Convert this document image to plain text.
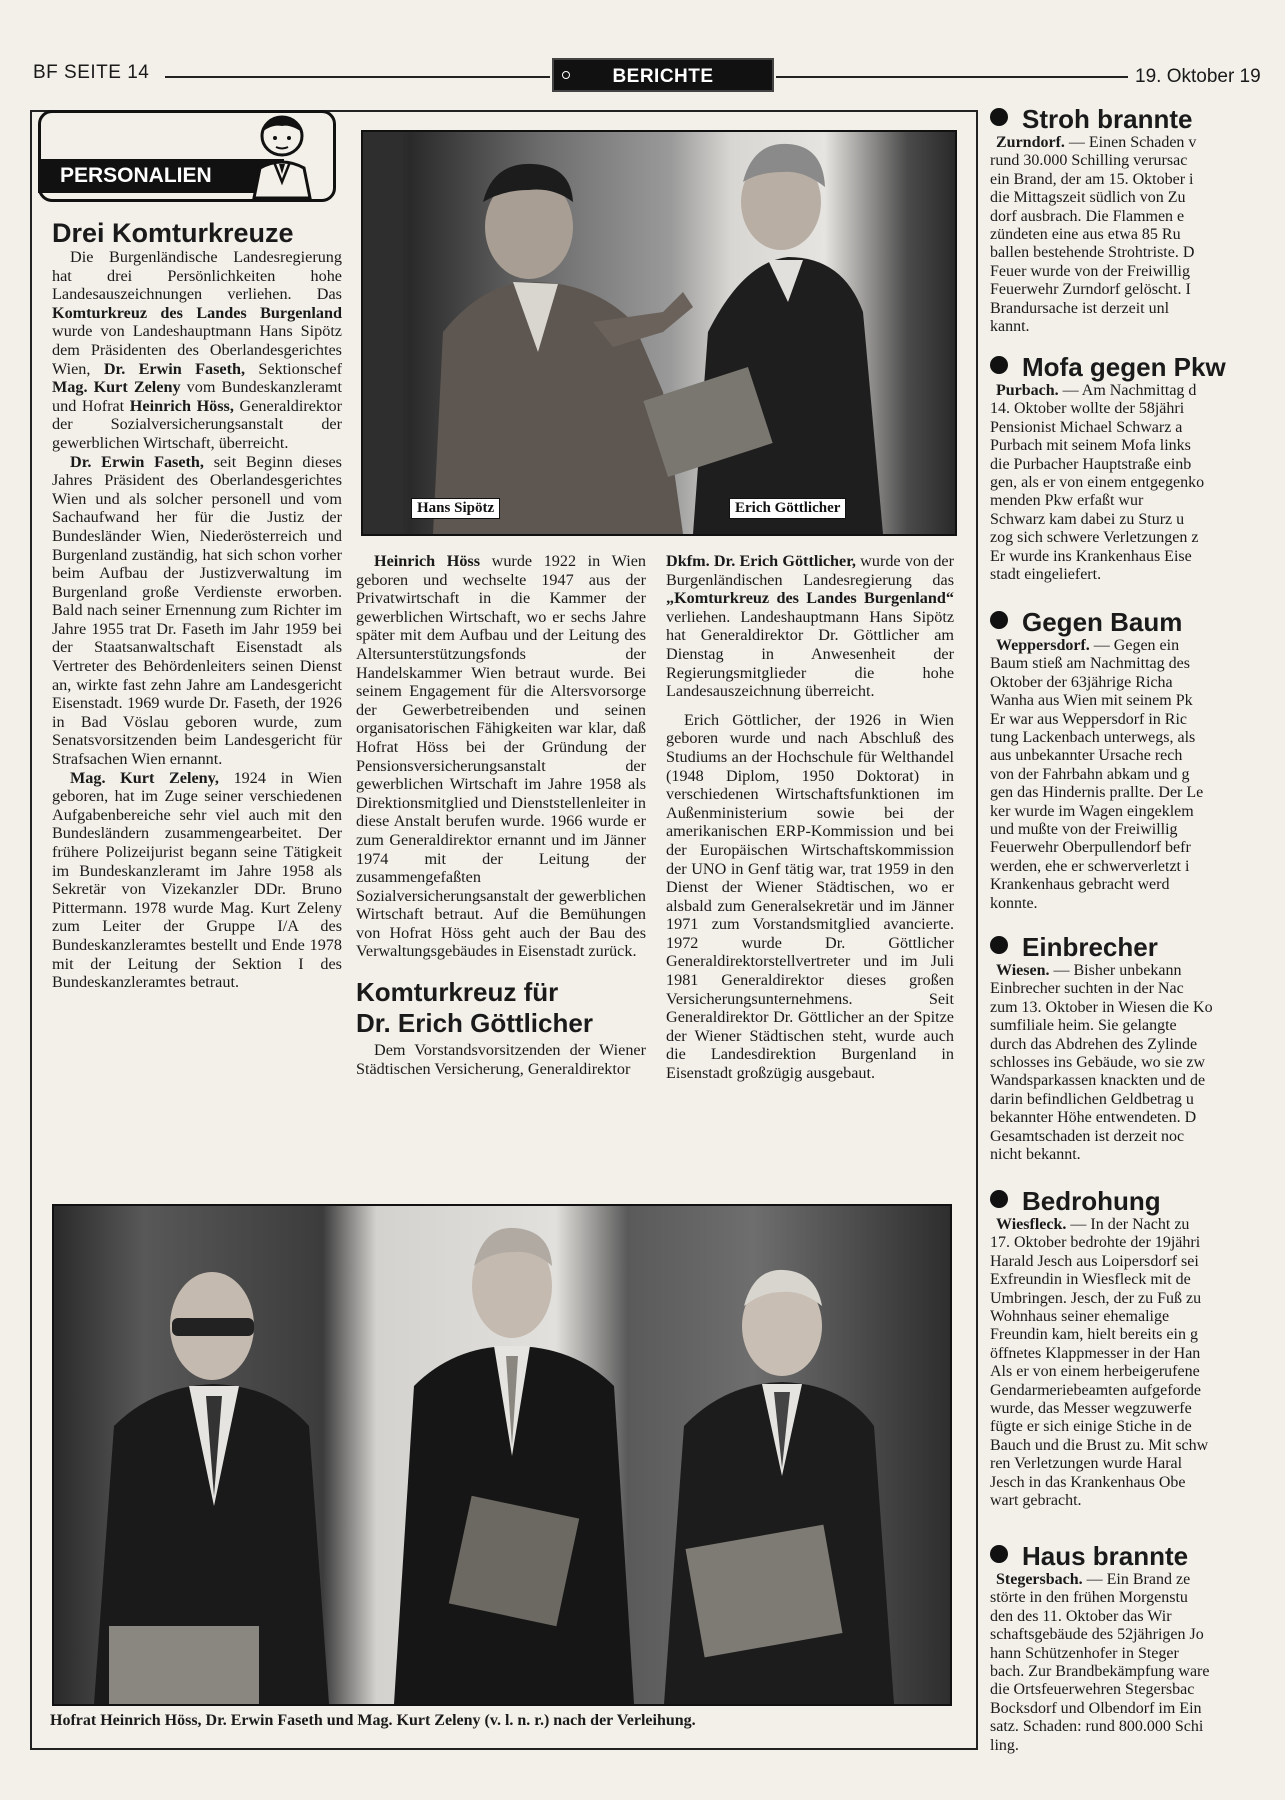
BF SEITE 14	BERICHTE	19. Oktober 19
PERSONALIEN
Drei Komturkreuze

Die Burgenländische Landesregierung hat drei Persönlichkeiten hohe Landesauszeichnungen verliehen. Das Komturkreuz des Landes Burgenland wurde von Landeshauptmann Hans Sipötz dem Präsidenten des Oberlandesgerichtes Wien, Dr. Erwin Faseth, Sektionschef Mag. Kurt Zeleny vom Bundeskanzleramt und Hofrat Heinrich Höss, Generaldirektor der Sozialversicherungsanstalt der gewerblichen Wirtschaft, überreicht.

Dr. Erwin Faseth, seit Beginn dieses Jahres Präsident des Oberlandesgerichtes Wien und als solcher personell und vom Sachaufwand her für die Justiz der Bundesländer Wien, Niederösterreich und Burgenland zuständig, hat sich schon vorher beim Aufbau der Justizverwaltung im Burgenland große Verdienste erworben. Bald nach seiner Ernennung zum Richter im Jahre 1955 trat Dr. Faseth im Jahr 1959 bei der Staatsanwaltschaft Eisenstadt als Vertreter des Behördenleiters seinen Dienst an, wirkte fast zehn Jahre am Landesgericht Eisenstadt. 1969 wurde Dr. Faseth, der 1926 in Bad Vöslau geboren wurde, zum Senatsvorsitzenden beim Landesgericht für Strafsachen Wien ernannt.

Mag. Kurt Zeleny, 1924 in Wien geboren, hat im Zuge seiner verschiedenen Aufgabenbereiche sehr viel auch mit den Bundesländern zusammengearbeitet. Der frühere Polizeijurist begann seine Tätigkeit im Bundeskanzleramt im Jahre 1958 als Sekretär von Vizekanzler DDr. Bruno Pittermann. 1978 wurde Mag. Kurt Zeleny zum Leiter der Gruppe I/A des Bundeskanzleramtes bestellt und Ende 1978 mit der Leitung der Sektion I des Bundeskanzleramtes betraut.

Hans Sipötz	Erich Göttlicher

Heinrich Höss wurde 1922 in Wien geboren und wechselte 1947 aus der Privatwirtschaft in die Kammer der gewerblichen Wirtschaft, wo er sechs Jahre später mit dem Aufbau und der Leitung des Altersunterstützungsfonds der Handelskammer Wien betraut wurde. Bei seinem Engagement für die Altersvorsorge der Gewerbetreibenden und seinen organisatorischen Fähigkeiten war klar, daß Hofrat Höss bei der Gründung der Pensionsversicherungsanstalt der gewerblichen Wirtschaft im Jahre 1958 als Direktionsmitglied und Dienststellenleiter in diese Anstalt berufen wurde. 1966 wurde er zum Generaldirektor ernannt und im Jänner 1974 mit der Leitung der zusammengefaßten Sozialversicherungsanstalt der gewerblichen Wirtschaft betraut. Auf die Bemühungen von Hofrat Höss geht auch der Bau des Verwaltungsgebäudes in Eisenstadt zurück.

Komturkreuz für
Dr. Erich Göttlicher

Dem Vorstandsvorsitzenden der Wiener Städtischen Versicherung, Generaldirektor

Dkfm. Dr. Erich Göttlicher, wurde von der Burgenländischen Landesregierung das „Komturkreuz des Landes Burgenland“ verliehen. Landeshauptmann Hans Sipötz hat Generaldirektor Dr. Göttlicher am Dienstag in Anwesenheit der Regierungsmitglieder die hohe Landesauszeichnung überreicht.

Erich Göttlicher, der 1926 in Wien geboren wurde und nach Abschluß des Studiums an der Hochschule für Welthandel (1948 Diplom, 1950 Doktorat) in verschiedenen Wirtschaftsfunktionen im Außenministerium sowie bei der amerikanischen ERP-Kommission und bei der Europäischen Wirtschaftskommission der UNO in Genf tätig war, trat 1959 in den Dienst der Wiener Städtischen, wo er alsbald zum Generalsekretär und im Jänner 1971 zum Vorstandsmitglied avancierte. 1972 wurde Dr. Göttlicher Generaldirektorstellvertreter und im Juli 1981 Generaldirektor dieses großen Versicherungsunternehmens. Seit Generaldirektor Dr. Göttlicher an der Spitze der Wiener Städtischen steht, wurde auch die Landesdirektion Burgenland in Eisenstadt großzügig ausgebaut.

Hofrat Heinrich Höss, Dr. Erwin Faseth und Mag. Kurt Zeleny (v. l. n. r.) nach der Verleihung.
Stroh brannte
Zurndorf. — Einen Schaden v
rund 30.000 Schilling verursac
ein Brand, der am 15. Oktober i
die Mittagszeit südlich von Zu
dorf ausbrach. Die Flammen e
zündeten eine aus etwa 85 Ru
ballen bestehende Strohtriste. D
Feuer wurde von der Freiwillig
Feuerwehr Zurndorf gelöscht. I
Brandursache ist derzeit unl
kannt.
Mofa gegen Pkw
Purbach. — Am Nachmittag d
14. Oktober wollte der 58jähri
Pensionist Michael Schwarz a
Purbach mit seinem Mofa links
die Purbacher Hauptstraße einb
gen, als er von einem entgegenko
menden Pkw erfaßt wur
Schwarz kam dabei zu Sturz u
zog sich schwere Verletzungen z
Er wurde ins Krankenhaus Eise
stadt eingeliefert.
Gegen Baum
Weppersdorf. — Gegen ein
Baum stieß am Nachmittag des
Oktober der 63jährige Richa
Wanha aus Wien mit seinem Pk
Er war aus Weppersdorf in Ric
tung Lackenbach unterwegs, als
aus unbekannter Ursache rech
von der Fahrbahn abkam und g
gen das Hindernis prallte. Der Le
ker wurde im Wagen eingeklem
und mußte von der Freiwillig
Feuerwehr Oberpullendorf befr
werden, ehe er schwerverletzt i
Krankenhaus gebracht werd
konnte.
Einbrecher
Wiesen. — Bisher unbekann
Einbrecher suchten in der Nac
zum 13. Oktober in Wiesen die Ko
sumfiliale heim. Sie gelangte
durch das Abdrehen des Zylinde
schlosses ins Gebäude, wo sie zw
Wandsparkassen knackten und de
darin befindlichen Geldbetrag u
bekannter Höhe entwendeten. D
Gesamtschaden ist derzeit noc
nicht bekannt.
Bedrohung
Wiesfleck. — In der Nacht zu
17. Oktober bedrohte der 19jähri
Harald Jesch aus Loipersdorf sei
Exfreundin in Wiesfleck mit de
Umbringen. Jesch, der zu Fuß zu
Wohnhaus seiner ehemalige
Freundin kam, hielt bereits ein g
öffnetes Klappmesser in der Han
Als er von einem herbeigerufene
Gendarmeriebeamten aufgeforde
wurde, das Messer wegzuwerfe
fügte er sich einige Stiche in de
Bauch und die Brust zu. Mit schw
ren Verletzungen wurde Haral
Jesch in das Krankenhaus Obe
wart gebracht.
Haus brannte
Stegersbach. — Ein Brand ze
störte in den frühen Morgenstu
den des 11. Oktober das Wir
schaftsgebäude des 52jährigen Jo
hann Schützenhofer in Steger
bach. Zur Brandbekämpfung ware
die Ortsfeuerwehren Stegersbac
Bocksdorf und Olbendorf im Ein
satz. Schaden: rund 800.000 Schi
ling.
